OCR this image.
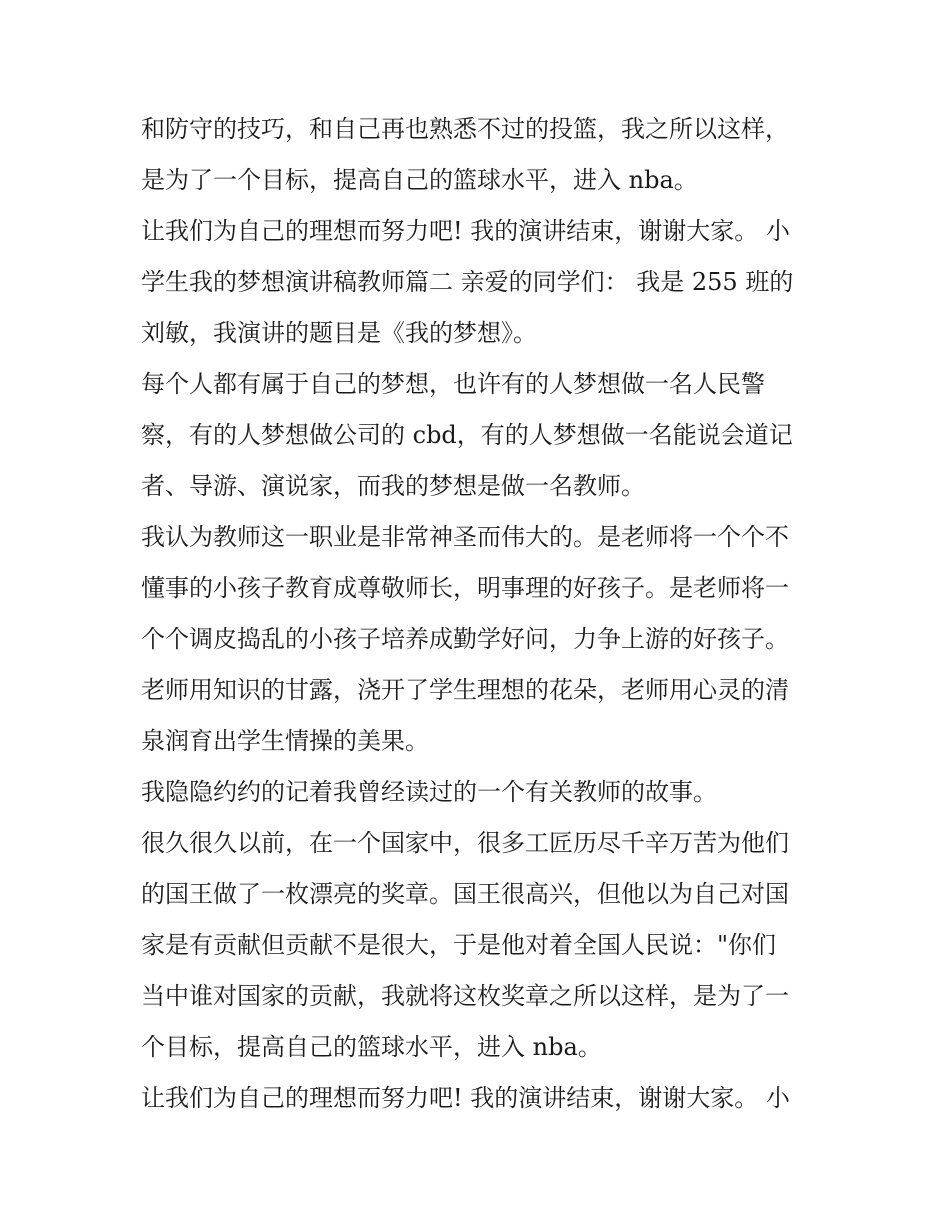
和防守的技巧，和自己再也熟悉不过的投篮，我之所以这样，
是为了一个目标，提高自己的篮球水平，进入 nba。
让我们为自己的理想而努力吧! 我的演讲结束，谢谢大家。 小
学生我的梦想演讲稿教师篇二 亲爱的同学们： 我是 255 班的
刘敏，我演讲的题目是《我的梦想》。
每个人都有属于自己的梦想，也许有的人梦想做一名人民警
察，有的人梦想做公司的 cbd，有的人梦想做一名能说会道记
者、导游、演说家，而我的梦想是做一名教师。
我认为教师这一职业是非常神圣而伟大的。是老师将一个个不
懂事的小孩子教育成尊敬师长，明事理的好孩子。是老师将一
个个调皮捣乱的小孩子培养成勤学好问，力争上游的好孩子。
老师用知识的甘露，浇开了学生理想的花朵，老师用心灵的清
泉润育出学生情操的美果。
我隐隐约约的记着我曾经读过的一个有关教师的故事。
很久很久以前，在一个国家中，很多工匠历尽千辛万苦为他们
的国王做了一枚漂亮的奖章。国王很高兴，但他以为自己对国
家是有贡献但贡献不是很大，于是他对着全国人民说："你们
当中谁对国家的贡献，我就将这枚奖章之所以这样，是为了一
个目标，提高自己的篮球水平，进入 nba。
让我们为自己的理想而努力吧! 我的演讲结束，谢谢大家。 小
